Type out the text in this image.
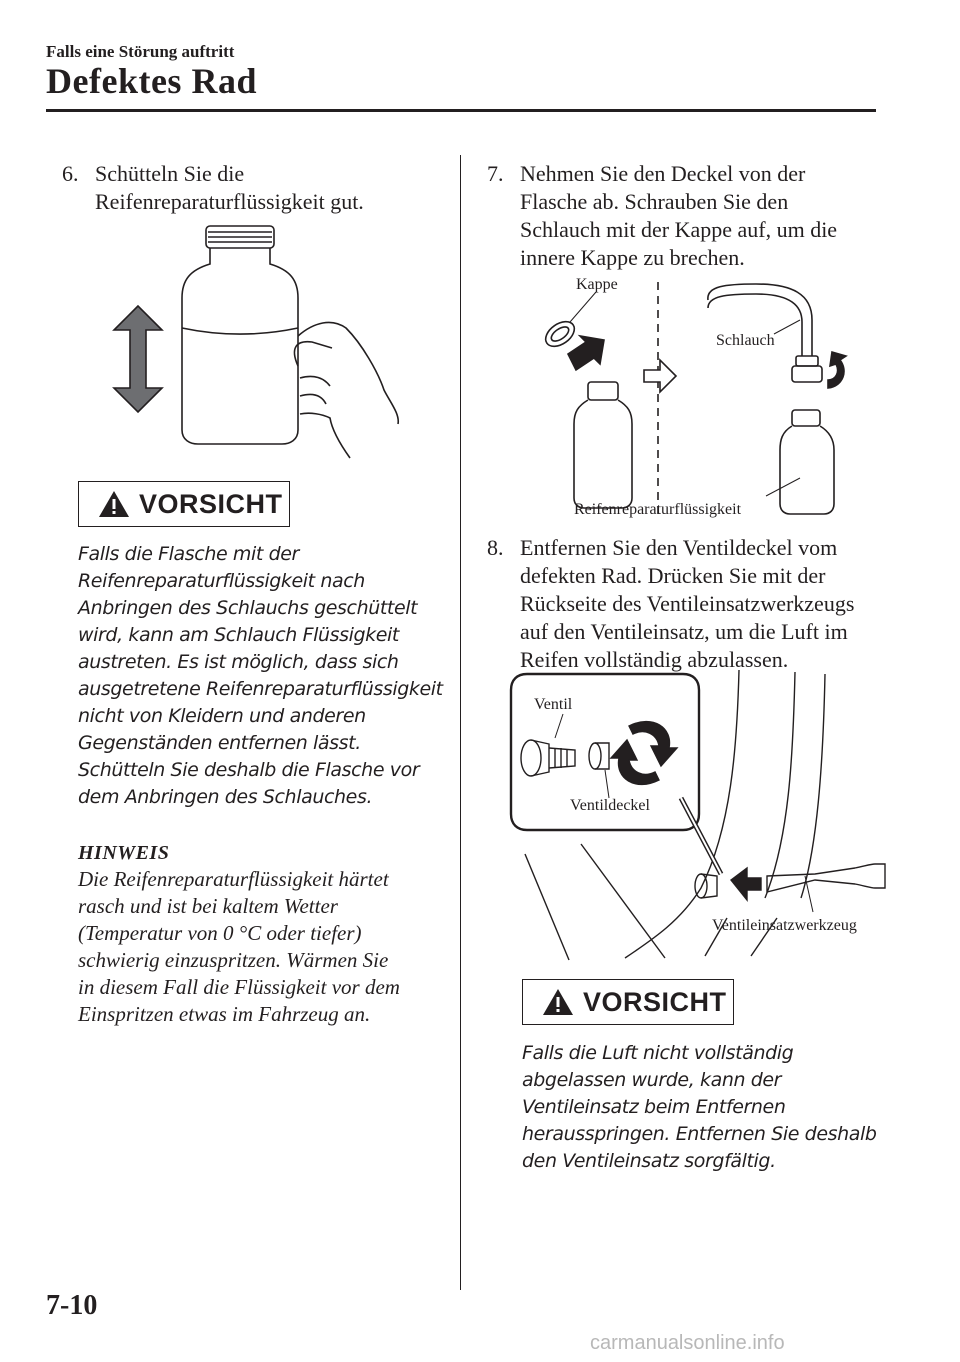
Falls eine Störung auftritt
Defektes Rad
6. Schütteln Sie die
Reifenreparaturflüssigkeit gut.
VORSICHT
Falls die Flasche mit der
Reifenreparaturflüssigkeit nach
Anbringen des Schlauchs geschüttelt
wird, kann am Schlauch Flüssigkeit
austreten. Es ist möglich, dass sich
ausgetretene Reifenreparaturflüssigkeit
nicht von Kleidern und anderen
Gegenständen entfernen lässt.
Schütteln Sie deshalb die Flasche vor
dem Anbringen des Schlauches.
HINWEIS
Die Reifenreparaturflüssigkeit härtet
rasch und ist bei kaltem Wetter
(Temperatur von 0 °C oder tiefer)
schwierig einzuspritzen. Wärmen Sie
in diesem Fall die Flüssigkeit vor dem
Einspritzen etwas im Fahrzeug an.
7. Nehmen Sie den Deckel von der
Flasche ab. Schrauben Sie den
Schlauch mit der Kappe auf, um die
innere Kappe zu brechen.
Kappe
Schlauch
Reifenreparaturflüssigkeit
8. Entfernen Sie den Ventildeckel vom
defekten Rad. Drücken Sie mit der
Rückseite des Ventileinsatzwerkzeugs
auf den Ventileinsatz, um die Luft im
Reifen vollständig abzulassen.
Ventil
Ventildeckel
Ventileinsatzwerkzeug
VORSICHT
Falls die Luft nicht vollständig
abgelassen wurde, kann der
Ventileinsatz beim Entfernen
herausspringen. Entfernen Sie deshalb
den Ventileinsatz sorgfältig.
7-10
carmanualsonline.info
